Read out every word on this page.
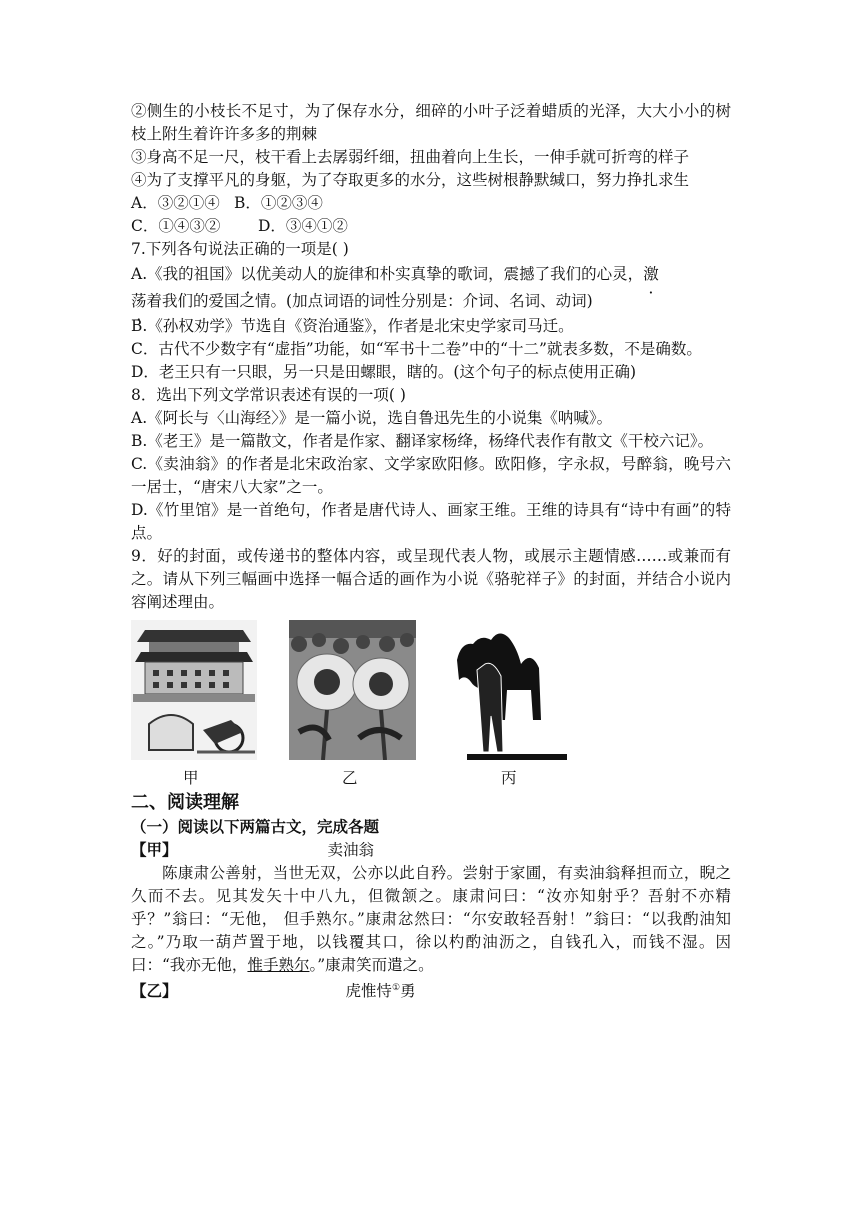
②侧生的小枝长不足寸，为了保存水分，细碎的小叶子泛着蜡质的光泽，大大小小的树枝上附生着许许多多的荆棘
③身高不足一尺，枝干看上去孱弱纤细，扭曲着向上生长，一伸手就可折弯的样子
④为了支撑平凡的身躯，为了夺取更多的水分，这些树根静默缄口，努力挣扎求生
A．③②①④ B．①②③④
C．①④③② D．③④①②
7.下列各句说法正确的一项是( )
A.《我的祖国》以优美动人的旋律和朴实真挚的歌词，震撼了我们的心灵，激
荡着我们的爱国之情。(加点词语的词性分别是：介词、名词、动词)
B.《孙权劝学》节选自《资治通鉴》，作者是北宋史学家司马迁。
C．古代不少数字有“虚指”功能，如“军书十二卷”中的“十二”就表多数，不是确数。
D．老王只有一只眼，另一只是田螺眼，瞎的。(这个句子的标点使用正确)
8．选出下列文学常识表述有误的一项( )
A.《阿长与〈山海经〉》是一篇小说，选自鲁迅先生的小说集《呐喊》。
B.《老王》是一篇散文，作者是作家、翻译家杨绛，杨绛代表作有散文《干校六记》。
C.《卖油翁》的作者是北宋政治家、文学家欧阳修。欧阳修，字永叔，号醉翁，晚号六一居士，“唐宋八大家”之一。
D.《竹里馆》是一首绝句，作者是唐代诗人、画家王维。王维的诗具有“诗中有画”的特点。
9．好的封面，或传递书的整体内容，或呈现代表人物，或展示主题情感……或兼而有之。请从下列三幅画中选择一幅合适的画作为小说《骆驼祥子》的封面，并结合小说内容阐述理由。
甲	乙	丙
二、阅读理解
（一）阅读以下两篇古文，完成各题
【甲】	卖油翁
陈康肃公善射，当世无双，公亦以此自矜。尝射于家圃，有卖油翁释担而立，睨之久而不去。见其发矢十中八九，但微颔之。康肃问曰：“汝亦知射乎？吾射不亦精乎？”翁曰：“无他， 但手熟尔。”康肃忿然曰：“尔安敢轻吾射！”翁曰：“以我酌油知之。”乃取一葫芦置于地，以钱覆其口，徐以杓酌油沥之，自钱孔入，而钱不湿。因曰：“我亦无他，惟手熟尔。”康肃笑而遣之。
【乙】	虎惟恃①勇
